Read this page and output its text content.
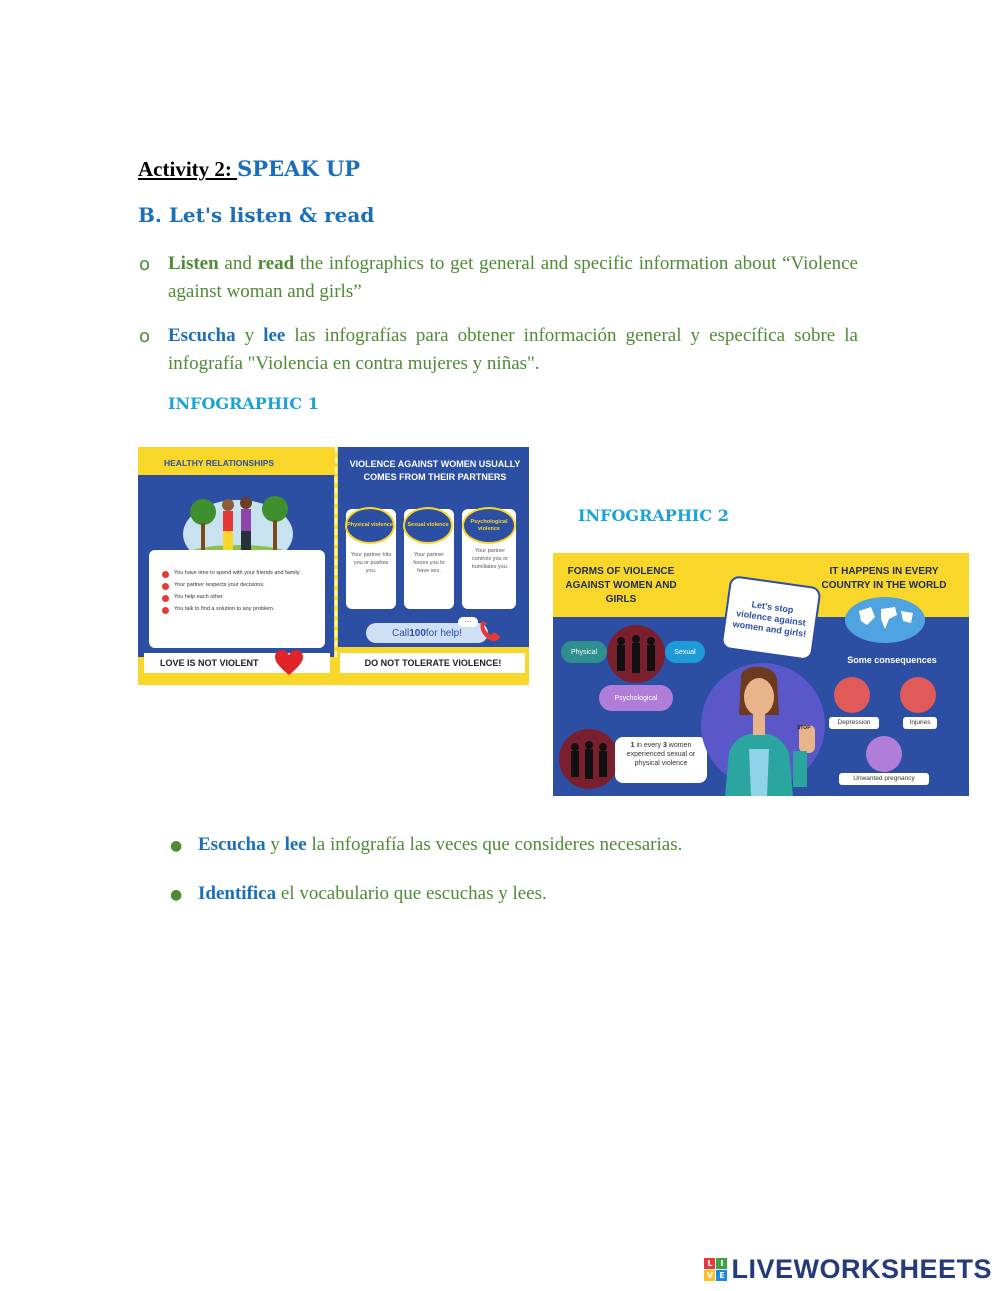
Activity 2: SPEAK UP
B. Let's listen & read
o Listen and read the infographics to get general and specific information about “Violence against woman and girls”
o Escucha y lee las infografías para obtener información general y específica sobre la infografía "Violencia en contra mujeres y niñas".
INFOGRAPHIC 1
INFOGRAPHIC 2
HEALTHY RELATIONSHIPS	VIOLENCE AGAINST WOMEN USUALLY COMES FROM THEIR PARTNERS
You have time to spend with your friends and family.
Your partner respects your decisions.
You help each other.
You talk to find a solution to any problem.
Physical violence
Your partner hits you or pushes you.
Sexual violence
Your partner forces you to have sex.
Psychological violence
Your partner controls you or humiliates you.
Call 100 for help!
...
LOVE IS NOT VIOLENT	DO NOT TOLERATE VIOLENCE!
FORMS OF VIOLENCE AGAINST WOMEN AND GIRLS
IT HAPPENS IN EVERY COUNTRY IN THE WORLD
Let's stop violence against women and girls!
Physical	Sexual
Psychological
1 in every 3 women experienced sexual or physical violence
STOP
Some consequences
Depression	Injuries
Unwanted pregnancy
● Escucha y lee la infografía las veces que consideres necesarias.
● Identifica el vocabulario que escuchas y lees.
L I
V E LIVEWORKSHEETS
